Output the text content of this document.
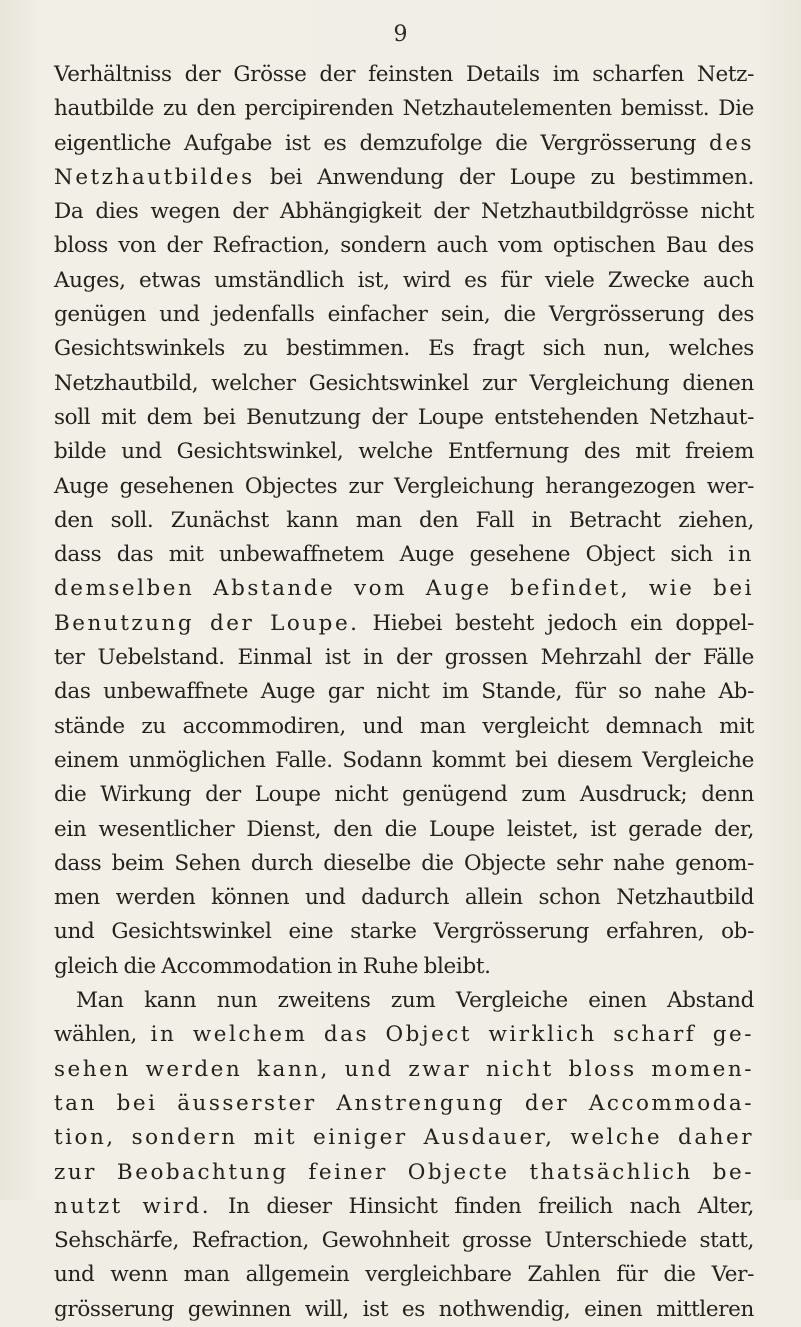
9
Verhältniss der Grösse der feinsten Details im scharfen Netz-
hautbilde zu den percipirenden Netzhautelementen bemisst. Die
eigentliche Aufgabe ist es demzufolge die Vergrösserung des
Netzhautbildes bei Anwendung der Loupe zu bestimmen.
Da dies wegen der Abhängigkeit der Netzhautbildgrösse nicht
bloss von der Refraction, sondern auch vom optischen Bau des
Auges, etwas umständlich ist, wird es für viele Zwecke auch
genügen und jedenfalls einfacher sein, die Vergrösserung des
Gesichtswinkels zu bestimmen. Es fragt sich nun, welches
Netzhautbild, welcher Gesichtswinkel zur Vergleichung dienen
soll mit dem bei Benutzung der Loupe entstehenden Netzhaut-
bilde und Gesichtswinkel, welche Entfernung des mit freiem
Auge gesehenen Objectes zur Vergleichung herangezogen wer-
den soll. Zunächst kann man den Fall in Betracht ziehen,
dass das mit unbewaffnetem Auge gesehene Object sich in
demselben Abstande vom Auge befindet, wie bei
Benutzung der Loupe. Hiebei besteht jedoch ein doppel-
ter Uebelstand. Einmal ist in der grossen Mehrzahl der Fälle
das unbewaffnete Auge gar nicht im Stande, für so nahe Ab-
stände zu accommodiren, und man vergleicht demnach mit
einem unmöglichen Falle. Sodann kommt bei diesem Vergleiche
die Wirkung der Loupe nicht genügend zum Ausdruck; denn
ein wesentlicher Dienst, den die Loupe leistet, ist gerade der,
dass beim Sehen durch dieselbe die Objecte sehr nahe genom-
men werden können und dadurch allein schon Netzhautbild
und Gesichtswinkel eine starke Vergrösserung erfahren, ob-
gleich die Accommodation in Ruhe bleibt.
Man kann nun zweitens zum Vergleiche einen Abstand
wählen, in welchem das Object wirklich scharf ge-
sehen werden kann, und zwar nicht bloss momen-
tan bei äusserster Anstrengung der Accommoda-
tion, sondern mit einiger Ausdauer, welche daher
zur Beobachtung feiner Objecte thatsächlich be-
nutzt wird. In dieser Hinsicht finden freilich nach Alter,
Sehschärfe, Refraction, Gewohnheit grosse Unterschiede statt,
und wenn man allgemein vergleichbare Zahlen für die Ver-
grösserung gewinnen will, ist es nothwendig, einen mittleren
